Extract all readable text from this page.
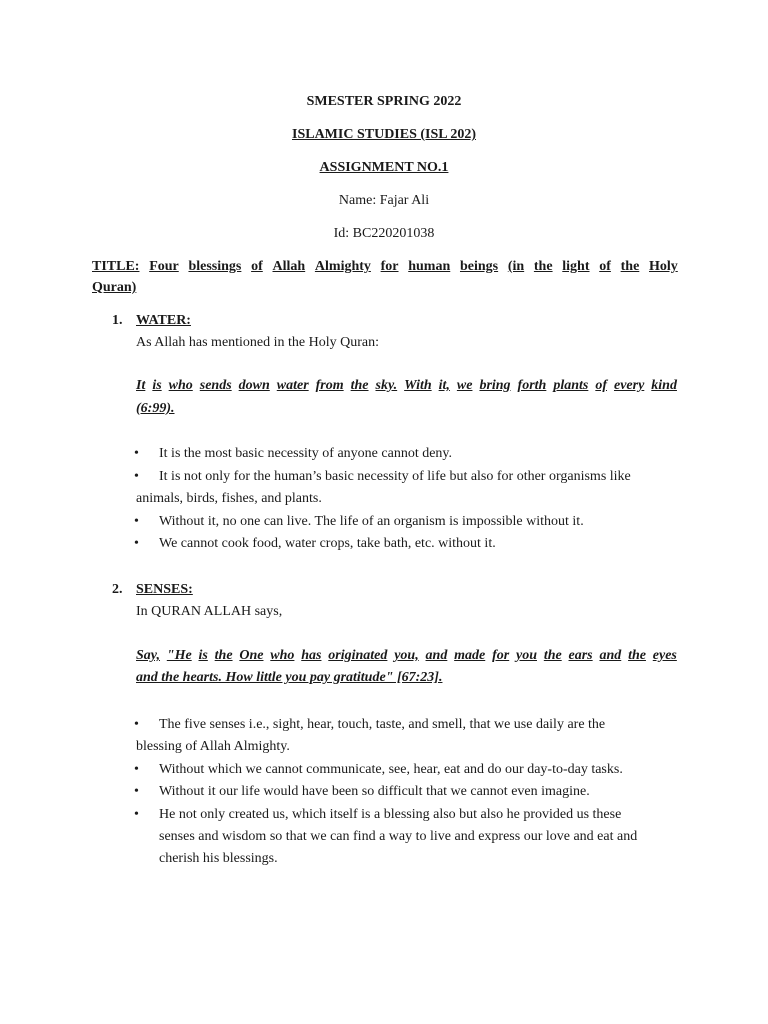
SMESTER SPRING 2022
ISLAMIC STUDIES (ISL 202)
ASSIGNMENT NO.1
Name: Fajar Ali
Id: BC220201038
TITLE: Four blessings of Allah Almighty for human beings (in the light of the Holy
Quran)
1. WATER:
As Allah has mentioned in the Holy Quran:
It is who sends down water from the sky. With it, we bring forth plants of every kind
(6:99).
• It is the most basic necessity of anyone cannot deny.
• It is not only for the human’s basic necessity of life but also for other organisms like
animals, birds, fishes, and plants.
• Without it, no one can live. The life of an organism is impossible without it.
• We cannot cook food, water crops, take bath, etc. without it.
2. SENSES:
In QURAN ALLAH says,
Say, "He is the One who has originated you, and made for you the ears and the eyes
and the hearts. How little you pay gratitude" [67:23].
• The five senses i.e., sight, hear, touch, taste, and smell, that we use daily are the
blessing of Allah Almighty.
• Without which we cannot communicate, see, hear, eat and do our day-to-day tasks.
• Without it our life would have been so difficult that we cannot even imagine.
• He not only created us, which itself is a blessing also but also he provided us these
senses and wisdom so that we can find a way to live and express our love and eat and
cherish his blessings.
